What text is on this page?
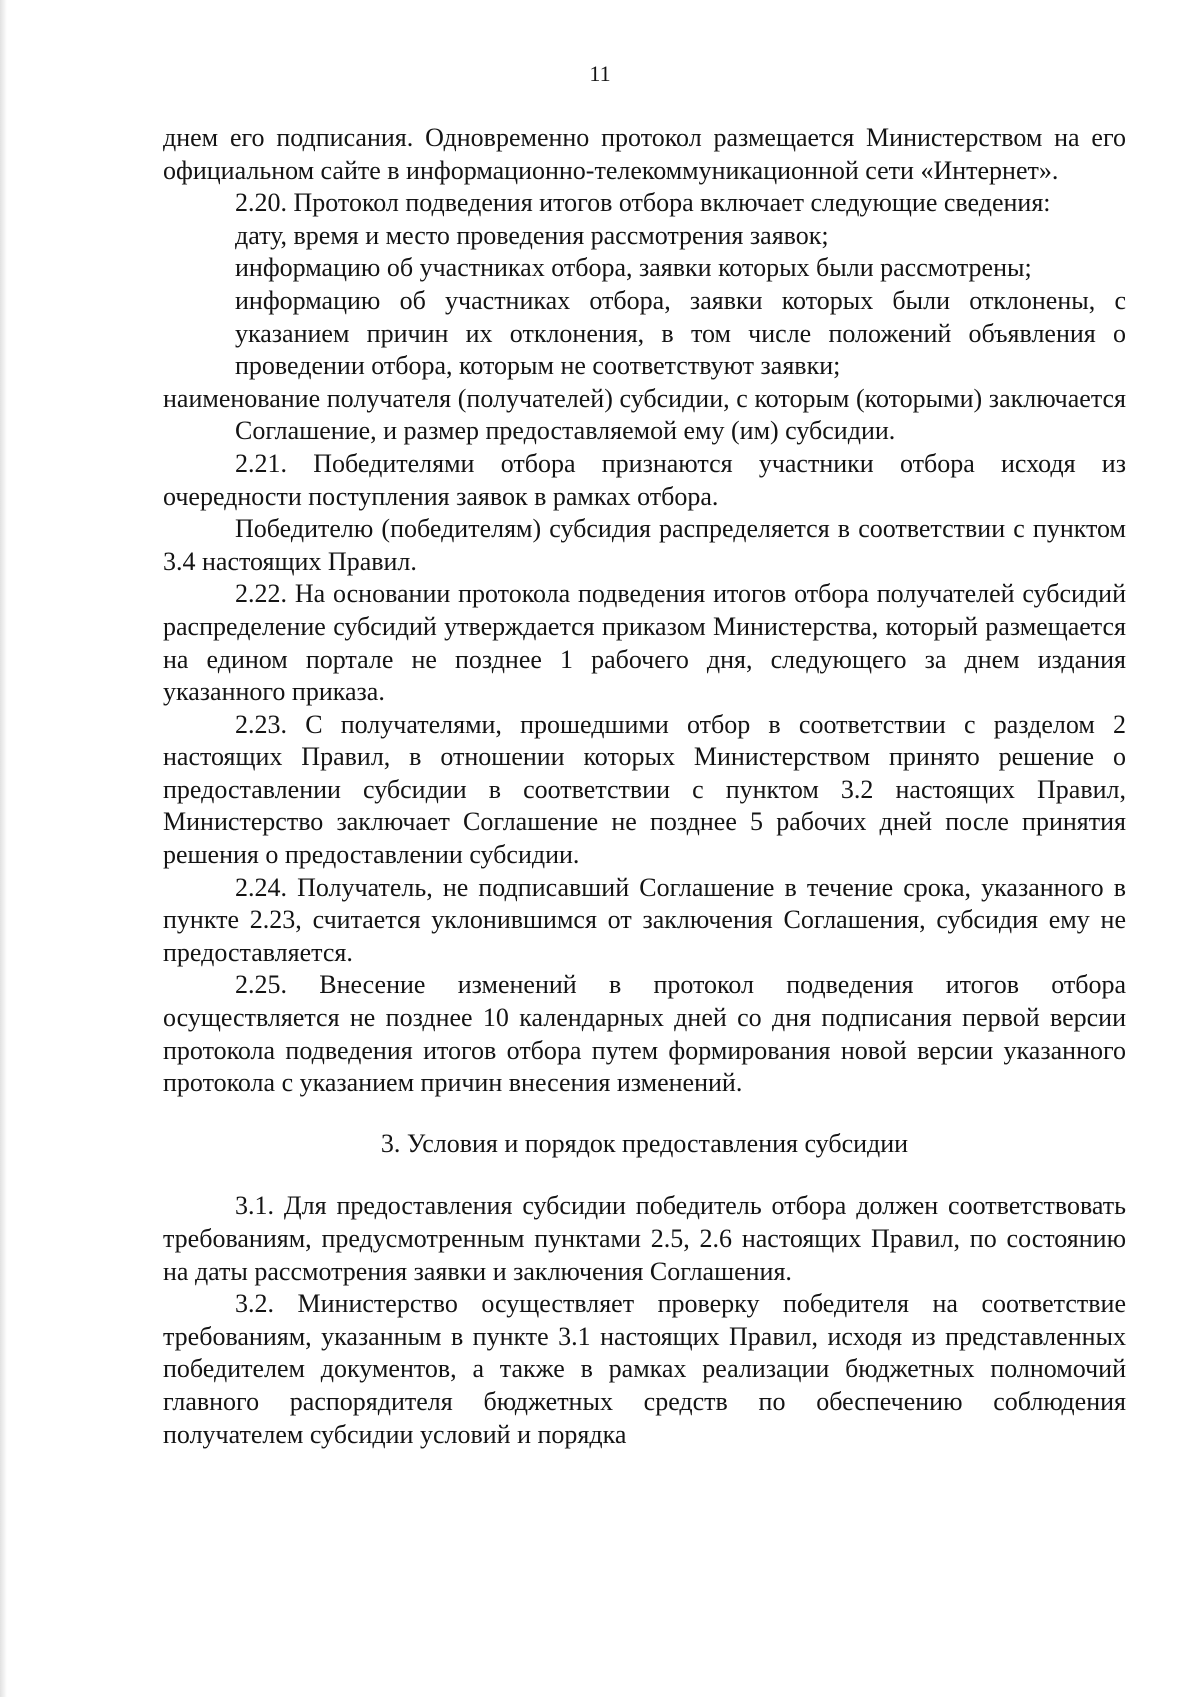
11

днем его подписания. Одновременно протокол размещается Министерством на его официальном сайте в информационно-телекоммуникационной сети «Интернет».

2.20. Протокол подведения итогов отбора включает следующие сведения:

дату, время и место проведения рассмотрения заявок;

информацию об участниках отбора, заявки которых были рассмотрены;

информацию об участниках отбора, заявки которых были отклонены, с указанием причин их отклонения, в том числе положений объявления о проведении отбора, которым не соответствуют заявки;

наименование получателя (получателей) субсидии, с которым (которыми) заключается Соглашение, и размер предоставляемой ему (им) субсидии.

2.21. Победителями отбора признаются участники отбора исходя из очередности поступления заявок в рамках отбора.

Победителю (победителям) субсидия распределяется в соответствии с пунктом 3.4 настоящих Правил.

2.22. На основании протокола подведения итогов отбора получателей субсидий распределение субсидий утверждается приказом Министерства, который размещается на едином портале не позднее 1 рабочего дня, следующего за днем издания указанного приказа.

2.23. С получателями, прошедшими отбор в соответствии с разделом 2 настоящих Правил, в отношении которых Министерством принято решение о предоставлении субсидии в соответствии с пунктом 3.2 настоящих Правил, Министерство заключает Соглашение не позднее 5 рабочих дней после принятия решения о предоставлении субсидии.

2.24. Получатель, не подписавший Соглашение в течение срока, указанного в пункте 2.23, считается уклонившимся от заключения Соглашения, субсидия ему не предоставляется.

2.25. Внесение изменений в протокол подведения итогов отбора осуществляется не позднее 10 календарных дней со дня подписания первой версии протокола подведения итогов отбора путем формирования новой версии указанного протокола с указанием причин внесения изменений.

3. Условия и порядок предоставления субсидии

3.1. Для предоставления субсидии победитель отбора должен соответствовать требованиям, предусмотренным пунктами 2.5, 2.6 настоящих Правил, по состоянию на даты рассмотрения заявки и заключения Соглашения.

3.2. Министерство осуществляет проверку победителя на соответствие требованиям, указанным в пункте 3.1 настоящих Правил, исходя из представленных победителем документов, а также в рамках реализации бюджетных полномочий главного распорядителя бюджетных средств по обеспечению соблюдения получателем субсидии условий и порядка
